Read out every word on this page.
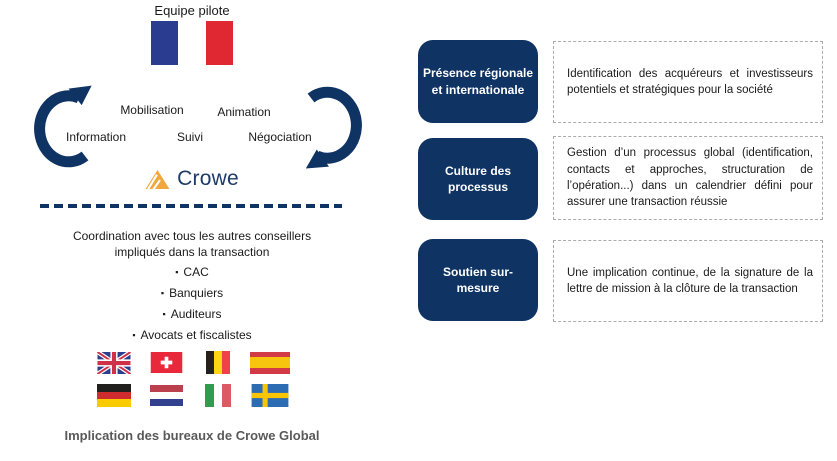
Equipe pilote
Mobilisation	Animation
Information	Suivi	Négociation
Crowe
Coordination avec tous les autres conseillers
impliqués dans la transaction
▪ CAC
▪ Banquiers
▪ Auditeurs
▪ Avocats et fiscalistes
Implication des bureaux de Crowe Global
Présence régionale
et internationale

Identification des acquéreurs et investisseurs potentiels et stratégiques pour la société

Culture des
processus

Gestion d’un processus global (identification, contacts et approches, structuration de l’opération...) dans un calendrier défini pour assurer une transaction réussie

Soutien sur-
mesure

Une implication continue, de la signature de la lettre de mission à la clôture de la transaction
